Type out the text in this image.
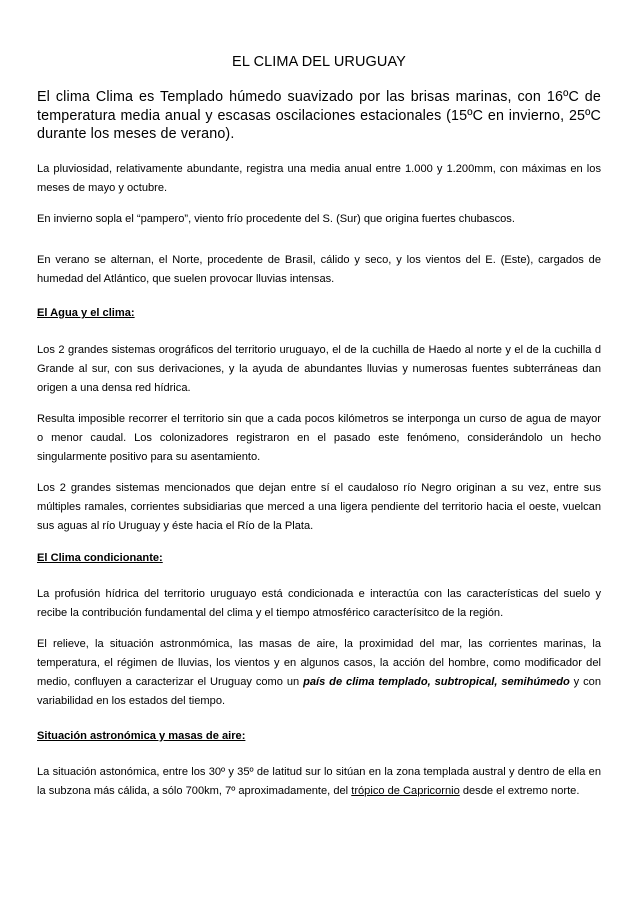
EL CLIMA DEL URUGUAY
El clima Clima es Templado húmedo suavizado por las brisas marinas, con 16ºC de temperatura media anual y escasas oscilaciones estacionales (15ºC en invierno, 25ºC durante los meses de verano).

La pluviosidad, relativamente abundante, registra una media anual entre 1.000 y 1.200mm, con máximas en los meses de mayo y octubre.

En invierno sopla el “pampero”, viento frío procedente del S. (Sur) que origina fuertes chubascos.

En verano se alternan, el Norte, procedente de Brasil, cálido y seco, y los vientos del E. (Este), cargados de humedad del Atlántico, que suelen provocar lluvias intensas.

El Agua y el clima:

Los 2 grandes sistemas orográficos del territorio uruguayo, el de la cuchilla de Haedo al norte y el de la cuchilla d Grande al sur, con sus derivaciones, y la ayuda de abundantes lluvias y numerosas fuentes subterráneas dan origen a una densa red hídrica.

Resulta imposible recorrer el territorio sin que a cada pocos kilómetros se interponga un curso de agua de mayor o menor caudal. Los colonizadores registraron en el pasado este fenómeno, considerándolo un hecho singularmente positivo para su asentamiento.

Los 2 grandes sistemas mencionados que dejan entre sí el caudaloso río Negro originan a su vez, entre sus múltiples ramales, corrientes subsidiarias que merced a una ligera pendiente del territorio hacia el oeste, vuelcan sus aguas al río Uruguay y éste hacia el Río de la Plata.

El Clima condicionante:

La profusión hídrica del territorio uruguayo está condicionada e interactúa con las características del suelo y recibe la contribución fundamental del clima y el tiempo atmosférico caracterísitco de la región.

El relieve, la situación astronmómica, las masas de aire, la proximidad del mar, las corrientes marinas, la temperatura, el régimen de lluvias, los vientos y en algunos casos, la acción del hombre, como modificador del medio, confluyen a caracterizar el Uruguay como un país de clima templado, subtropical, semihúmedo y con variabilidad en los estados del tiempo.

Situación astronómica y masas de aire:

La situación astonómica, entre los 30º y 35º de latitud sur lo sitúan en la zona templada austral y dentro de ella en la subzona más cálida, a sólo 700km, 7º aproximadamente, del trópico de Capricornio desde el extremo norte.
